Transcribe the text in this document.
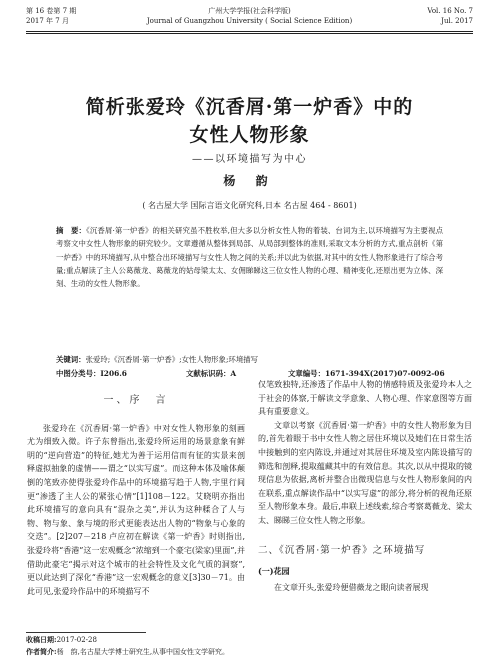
第 16 卷第 7 期
2017 年 7 月
广州大学学报(社会科学版)
Journal of Guangzhou University ( Social Science Edition)
Vol. 16 No. 7
Jul. 2017
简析张爱玲《沉香屑·第一炉香》中的
女性人物形象
——以环境描写为中心
杨 韵
( 名古屋大学 国际言语文化研究科,日本 名古屋 464 - 8601)
摘　要：《沉香屑·第一炉香》的相关研究虽不胜枚举,但大多以分析女性人物的着装、台词为主,以环境描写为主要视点考察文中女性人物形象的研究较少。文章遵循从整体到局部、从局部到整体的准则,采取文本分析的方式,重点剖析《第一炉香》中的环境描写,从中整合出环境描写与女性人物之间的关系;并以此为依据,对其中的女性人物形象进行了综合考量;重点解读了主人公葛薇龙、葛薇龙的姑母梁太太、女佣睇睇这三位女性人物的心理、精神变化,还原出更为立体、深刻、生动的女性人物形象。
关键词：张爱玲;《沉香屑·第一炉香》;女性人物形象;环境描写
中图分类号：I206.6	文献标识码：A	文章编号：1671-394X(2017)07-0092-06
一、序　言

张爱玲在《沉香屑·第一炉香》中对女性人物形象的刻画尤为细致入微。许子东曾指出,张爱玲所运用的场景意象有鲜明的“逆向营造”的特征,她尤为善于运用信而有征的实景来剖释虚拟抽象的虚情——谓之“以实写虚”。而这种本体及喻体颠倒的笔致亦使得张爱玲作品中的环境描写趋于人物,宇里行间更“渗透了主人公的紧张心情”[1]108－122。艾晓明亦指出此环境描写的意向具有“混杂之美”,并认为这种糅合了人与物、物与象、象与境的形式更能表达出人物的“物象与心象的交迭”。[2]207－218 卢应初在解读《第一炉香》时则指出,张爱玲将“香港”这一宏观概念“浓缩到一个豪宅(梁家)里面”,并借助此豪宅“揭示对这个城市的社会特性及文化气质的洞察”,更以此达到了深化“香港”这一宏观概念的意义[3]30－71。由此可见,张爱玲作品中的环境描写不

仅笔致独特,还渗透了作品中人物的情感特质及张爱玲本人之于社会的体察,于解读文学意象、人物心理、作家意图等方面具有重要意义。

文章以考察《沉香屑·第一炉香》中的女性人物形象为目的,首先着眼于书中女性人物之居住环境以及她们在日常生活中接触到的室内陈设,并通过对其居住环境及室内陈设描写的筛选和剖释,提取蕴藏其中的有效信息。其次,以从中提取的镜现信息为依据,离析并整合出微现信息与女性人物形象间的内在联系,重点解读作品中“以实写虚”的部分,将分析的视角还原至人物形象本身。最后,串联上述线索,综合考察葛薇龙、梁太太、睇睇三位女性人物之形象。

二、《沉香屑·第一炉香》之环境描写
(一)花园

在文章开头,张爱玲便借薇龙之眼向读者展现

收稿日期:2017-02-28
作者简介:杨　韵,名古屋大学博士研究生,从事中国女性文学研究。
